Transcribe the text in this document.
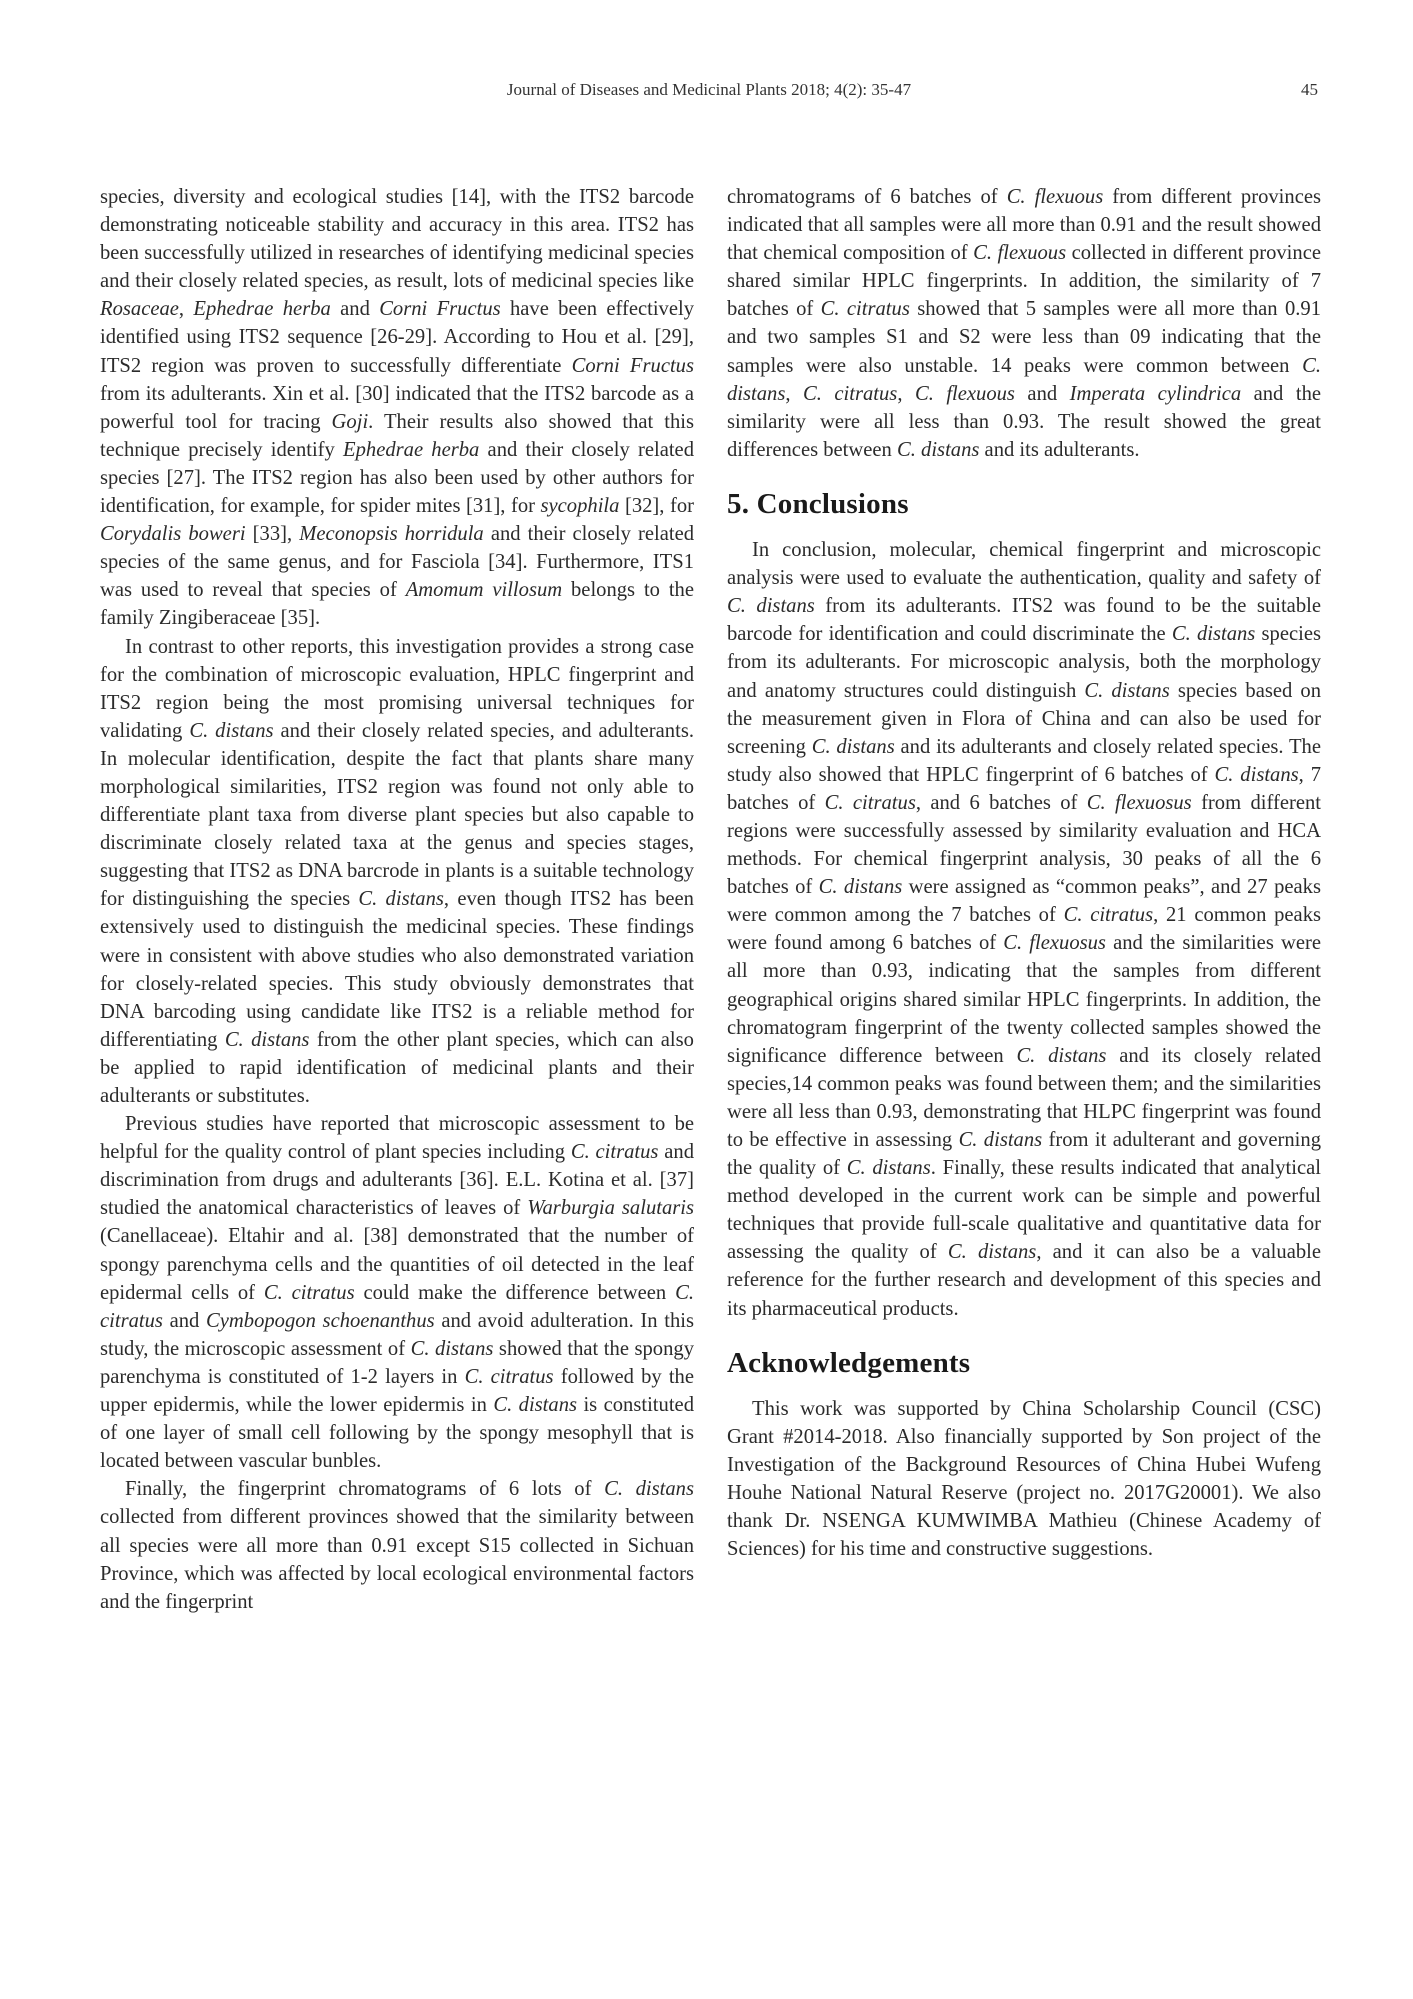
Journal of Diseases and Medicinal Plants 2018; 4(2): 35-47	45

species, diversity and ecological studies [14], with the ITS2 barcode demonstrating noticeable stability and accuracy in this area. ITS2 has been successfully utilized in researches of identifying medicinal species and their closely related species, as result, lots of medicinal species like Rosaceae, Ephedrae herba and Corni Fructus have been effectively identified using ITS2 sequence [26-29]. According to Hou et al. [29], ITS2 region was proven to successfully differentiate Corni Fructus from its adulterants. Xin et al. [30] indicated that the ITS2 barcode as a powerful tool for tracing Goji. Their results also showed that this technique precisely identify Ephedrae herba and their closely related species [27]. The ITS2 region has also been used by other authors for identification, for example, for spider mites [31], for sycophila [32], for Corydalis boweri [33], Meconopsis horridula and their closely related species of the same genus, and for Fasciola [34]. Furthermore, ITS1 was used to reveal that species of Amomum villosum belongs to the family Zingiberaceae [35].

In contrast to other reports, this investigation provides a strong case for the combination of microscopic evaluation, HPLC fingerprint and ITS2 region being the most promising universal techniques for validating C. distans and their closely related species, and adulterants. In molecular identification, despite the fact that plants share many morphological similarities, ITS2 region was found not only able to differentiate plant taxa from diverse plant species but also capable to discriminate closely related taxa at the genus and species stages, suggesting that ITS2 as DNA barcrode in plants is a suitable technology for distinguishing the species C. distans, even though ITS2 has been extensively used to distinguish the medicinal species. These findings were in consistent with above studies who also demonstrated variation for closely-related species. This study obviously demonstrates that DNA barcoding using candidate like ITS2 is a reliable method for differentiating C. distans from the other plant species, which can also be applied to rapid identification of medicinal plants and their adulterants or substitutes.

Previous studies have reported that microscopic assessment to be helpful for the quality control of plant species including C. citratus and discrimination from drugs and adulterants [36]. E.L. Kotina et al. [37] studied the anatomical characteristics of leaves of Warburgia salutaris (Canellaceae). Eltahir and al. [38] demonstrated that the number of spongy parenchyma cells and the quantities of oil detected in the leaf epidermal cells of C. citratus could make the difference between C. citratus and Cymbopogon schoenanthus and avoid adulteration. In this study, the microscopic assessment of C. distans showed that the spongy parenchyma is constituted of 1-2 layers in C. citratus followed by the upper epidermis, while the lower epidermis in C. distans is constituted of one layer of small cell following by the spongy mesophyll that is located between vascular bunbles.

Finally, the fingerprint chromatograms of 6 lots of C. distans collected from different provinces showed that the similarity between all species were all more than 0.91 except S15 collected in Sichuan Province, which was affected by local ecological environmental factors and the fingerprint

chromatograms of 6 batches of C. flexuous from different provinces indicated that all samples were all more than 0.91 and the result showed that chemical composition of C. flexuous collected in different province shared similar HPLC fingerprints. In addition, the similarity of 7 batches of C. citratus showed that 5 samples were all more than 0.91 and two samples S1 and S2 were less than 09 indicating that the samples were also unstable. 14 peaks were common between C. distans, C. citratus, C. flexuous and Imperata cylindrica and the similarity were all less than 0.93. The result showed the great differences between C. distans and its adulterants.

5. Conclusions

In conclusion, molecular, chemical fingerprint and microscopic analysis were used to evaluate the authentication, quality and safety of C. distans from its adulterants. ITS2 was found to be the suitable barcode for identification and could discriminate the C. distans species from its adulterants. For microscopic analysis, both the morphology and anatomy structures could distinguish C. distans species based on the measurement given in Flora of China and can also be used for screening C. distans and its adulterants and closely related species. The study also showed that HPLC fingerprint of 6 batches of C. distans, 7 batches of C. citratus, and 6 batches of C. flexuosus from different regions were successfully assessed by similarity evaluation and HCA methods. For chemical fingerprint analysis, 30 peaks of all the 6 batches of C. distans were assigned as “common peaks”, and 27 peaks were common among the 7 batches of C. citratus, 21 common peaks were found among 6 batches of C. flexuosus and the similarities were all more than 0.93, indicating that the samples from different geographical origins shared similar HPLC fingerprints. In addition, the chromatogram fingerprint of the twenty collected samples showed the significance difference between C. distans and its closely related species,14 common peaks was found between them; and the similarities were all less than 0.93, demonstrating that HLPC fingerprint was found to be effective in assessing C. distans from it adulterant and governing the quality of C. distans. Finally, these results indicated that analytical method developed in the current work can be simple and powerful techniques that provide full-scale qualitative and quantitative data for assessing the quality of C. distans, and it can also be a valuable reference for the further research and development of this species and its pharmaceutical products.

Acknowledgements

This work was supported by China Scholarship Council (CSC) Grant #2014-2018. Also financially supported by Son project of the Investigation of the Background Resources of China Hubei Wufeng Houhe National Natural Reserve (project no. 2017G20001). We also thank Dr. NSENGA KUMWIMBA Mathieu (Chinese Academy of Sciences) for his time and constructive suggestions.
